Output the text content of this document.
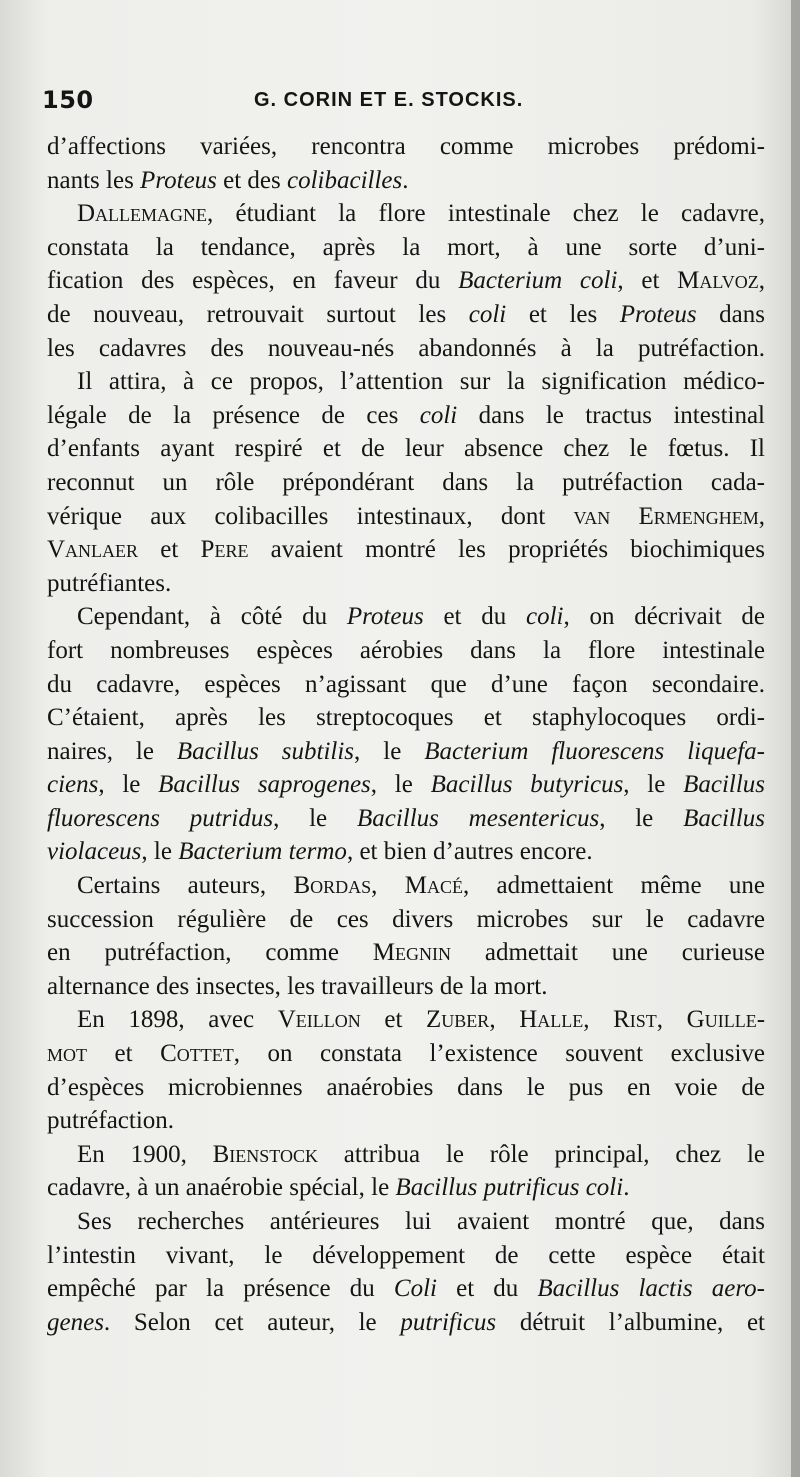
150	G. CORIN ET E. STOCKIS.
d’affections variées, rencontra comme microbes prédomi-
nants les Proteus et des colibacilles.
Dallemagne, étudiant la flore intestinale chez le cadavre,
constata la tendance, après la mort, à une sorte d’uni-
fication des espèces, en faveur du Bacterium coli, et Malvoz,
de nouveau, retrouvait surtout les coli et les Proteus dans
les cadavres des nouveau-nés abandonnés à la putréfaction.
Il attira, à ce propos, l’attention sur la signification médico-
légale de la présence de ces coli dans le tractus intestinal
d’enfants ayant respiré et de leur absence chez le fœtus. Il
reconnut un rôle prépondérant dans la putréfaction cada-
vérique aux colibacilles intestinaux, dont van Ermenghem,
Vanlaer et Pere avaient montré les propriétés biochimiques
putréfiantes.
Cependant, à côté du Proteus et du coli, on décrivait de
fort nombreuses espèces aérobies dans la flore intestinale
du cadavre, espèces n’agissant que d’une façon secondaire.
C’étaient, après les streptocoques et staphylocoques ordi-
naires, le Bacillus subtilis, le Bacterium fluorescens liquefa-
ciens, le Bacillus saprogenes, le Bacillus butyricus, le Bacillus
fluorescens putridus, le Bacillus mesentericus, le Bacillus
violaceus, le Bacterium termo, et bien d’autres encore.
Certains auteurs, Bordas, Macé, admettaient même une
succession régulière de ces divers microbes sur le cadavre
en putréfaction, comme Megnin admettait une curieuse
alternance des insectes, les travailleurs de la mort.
En 1898, avec Veillon et Zuber, Halle, Rist, Guille-
mot et Cottet, on constata l’existence souvent exclusive
d’espèces microbiennes anaérobies dans le pus en voie de
putréfaction.
En 1900, Bienstock attribua le rôle principal, chez le
cadavre, à un anaérobie spécial, le Bacillus putrificus coli.
Ses recherches antérieures lui avaient montré que, dans
l’intestin vivant, le développement de cette espèce était
empêché par la présence du Coli et du Bacillus lactis aero-
genes. Selon cet auteur, le putrificus détruit l’albumine, et
